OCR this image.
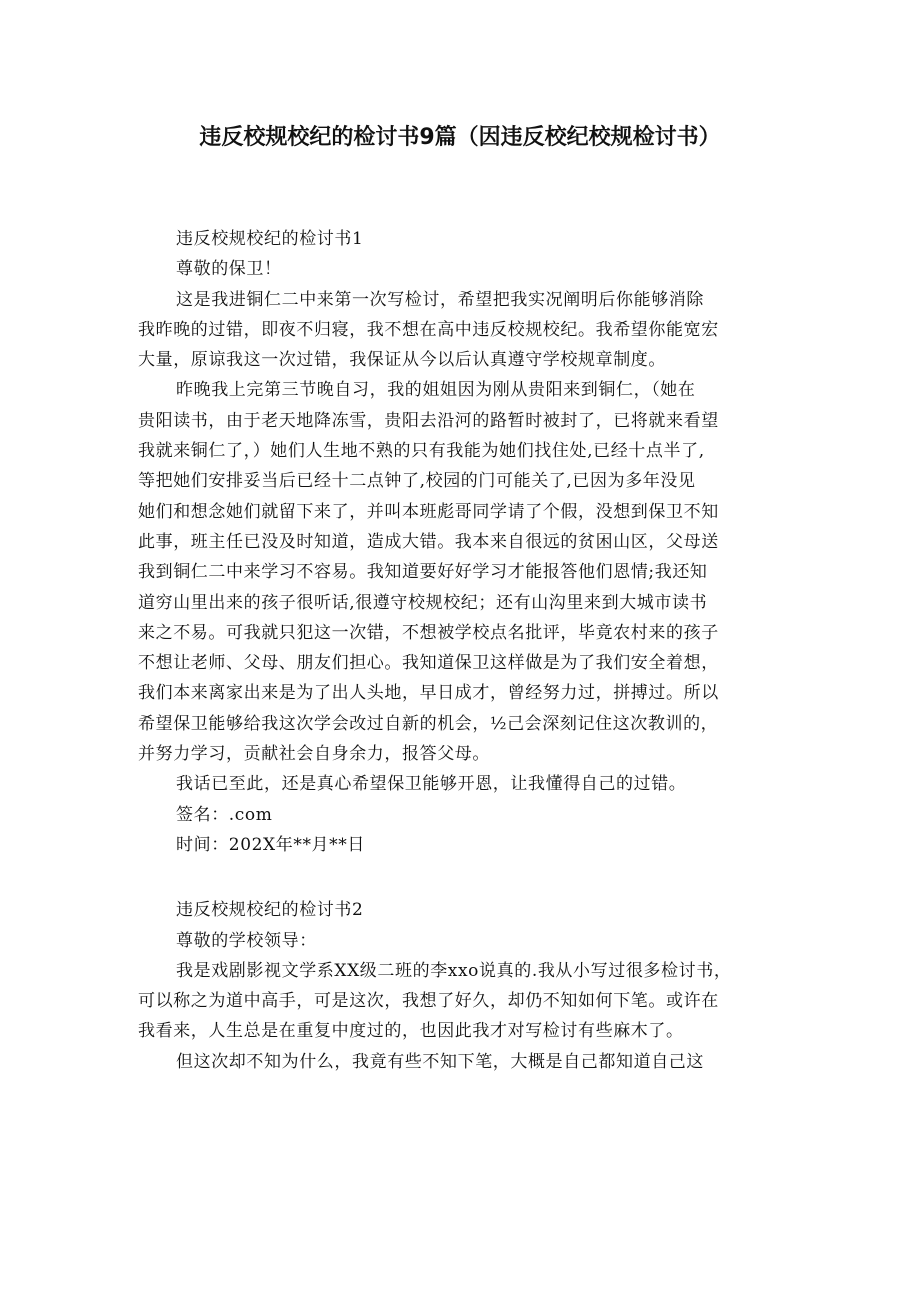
违反校规校纪的检讨书9篇（因违反校纪校规检讨书）
违反校规校纪的检讨书1
尊敬的保卫！
这是我进铜仁二中来第一次写检讨，希望把我实况阐明后你能够消除
我昨晚的过错，即夜不归寝，我不想在高中违反校规校纪。我希望你能宽宏
大量，原谅我这一次过错，我保证从今以后认真遵守学校规章制度。
昨晚我上完第三节晚自习，我的姐姐因为刚从贵阳来到铜仁，（她在
贵阳读书，由于老天地降冻雪，贵阳去沿河的路暂时被封了，已将就来看望
我就来铜仁了，）她们人生地不熟的只有我能为她们找住处,已经十点半了,
等把她们安排妥当后已经十二点钟了,校园的门可能关了,已因为多年没见
她们和想念她们就留下来了，并叫本班彪哥同学请了个假，没想到保卫不知
此事，班主任已没及时知道，造成大错。我本来自很远的贫困山区，父母送
我到铜仁二中来学习不容易。我知道要好好学习才能报答他们恩情;我还知
道穷山里出来的孩子很听话,很遵守校规校纪；还有山沟里来到大城市读书
来之不易。可我就只犯这一次错，不想被学校点名批评，毕竟农村来的孩子
不想让老师、父母、朋友们担心。我知道保卫这样做是为了我们安全着想，
我们本来离家出来是为了出人头地，早日成才，曾经努力过，拼搏过。所以
希望保卫能够给我这次学会改过自新的机会，½己会深刻记住这次教训的，
并努力学习，贡献社会自身余力，报答父母。
我话已至此，还是真心希望保卫能够开恩，让我懂得自己的过错。
签名：.com
时间：202X年**月**日
违反校规校纪的检讨书2
尊敬的学校领导：
我是戏剧影视文学系XX级二班的李xxo说真的.我从小写过很多检讨书，
可以称之为道中高手，可是这次，我想了好久，却仍不知如何下笔。或许在
我看来，人生总是在重复中度过的，也因此我才对写检讨有些麻木了。
但这次却不知为什么，我竟有些不知下笔，大概是自己都知道自己这
